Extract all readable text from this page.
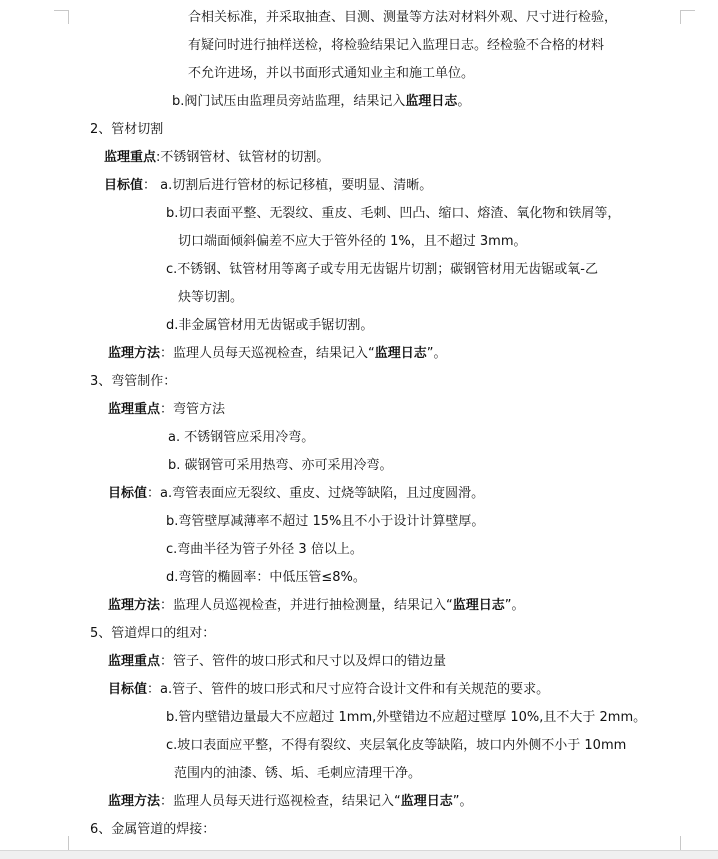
合相关标准，并采取抽查、目测、测量等方法对材料外观、尺寸进行检验，
有疑问时进行抽样送检，将检验结果记入监理日志。经检验不合格的材料
不允许进场，并以书面形式通知业主和施工单位。
b.阀门试压由监理员旁站监理，结果记入监理日志。
2、管材切割
监理重点:不锈钢管材、钛管材的切割。
目标值： a.切割后进行管材的标记移植，要明显、清晰。
b.切口表面平整、无裂纹、重皮、毛刺、凹凸、缩口、熔渣、氧化物和铁屑等，
切口端面倾斜偏差不应大于管外径的 1%，且不超过 3mm。
c.不锈钢、钛管材用等离子或专用无齿锯片切割；碳钢管材用无齿锯或氧-乙
炔等切割。
d.非金属管材用无齿锯或手锯切割。
监理方法：监理人员每天巡视检查，结果记入“监理日志”。
3、弯管制作：
监理重点：弯管方法
a. 不锈钢管应采用冷弯。
b. 碳钢管可采用热弯、亦可采用冷弯。
目标值：a.弯管表面应无裂纹、重皮、过烧等缺陷，且过度圆滑。
b.弯管壁厚减薄率不超过 15%且不小于设计计算壁厚。
c.弯曲半径为管子外径 3 倍以上。
d.弯管的椭圆率：中低压管≤8%。
监理方法：监理人员巡视检查，并进行抽检测量，结果记入“监理日志”。
5、管道焊口的组对：
监理重点：管子、管件的坡口形式和尺寸以及焊口的错边量
目标值：a.管子、管件的坡口形式和尺寸应符合设计文件和有关规范的要求。
b.管内壁错边量最大不应超过 1mm,外壁错边不应超过壁厚 10%,且不大于 2mm。
c.坡口表面应平整，不得有裂纹、夹层氧化皮等缺陷，坡口内外侧不小于 10mm
范围内的油漆、锈、垢、毛刺应清理干净。
监理方法：监理人员每天进行巡视检查，结果记入“监理日志”。
6、金属管道的焊接：
